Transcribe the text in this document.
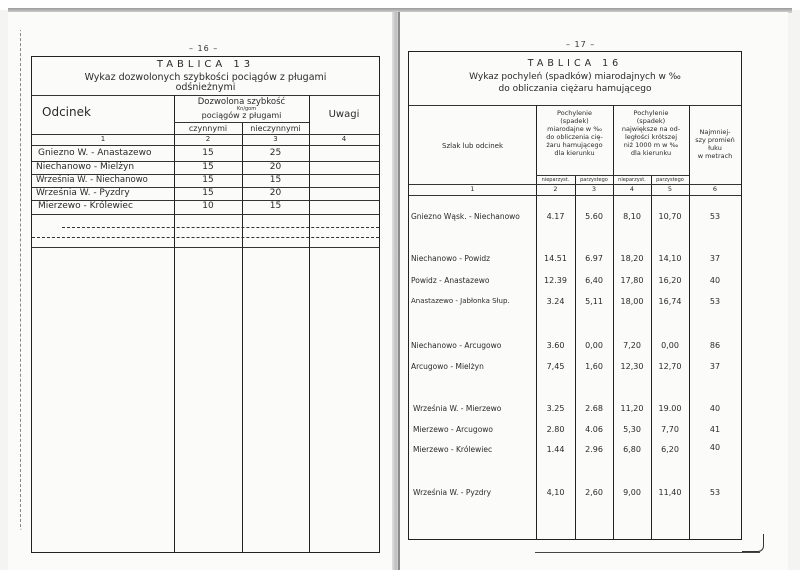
– 16 –
TABLICA 13
Wykaz dozwolonych szybkości pociągów z pługami
odśnieżnymi
Odcinek
Dozwolona szybkość
Kn/gom
pociągów z pługami
czynnymi	nieczynnymi
Uwagi
1	2	3	4
Gniezno W. - Anastazewo	15	25
Niechanowo - Mielżyn	15	20
Września W. - Niechanowo	15	15
Września W. - Pyzdry	15	20
Mierzewo - Królewiec	10	15
– 17 –
TABLICA 16
Wykaz pochyleń (spadków) miarodajnych w ‰
do obliczania ciężaru hamującego
Szlak lub odcinek
Pochylenie
(spadek)
miarodajne w ‰
do obliczenia cię-
żaru hamującego
dla kierunku
Pochylenie
(spadek)
największe na od-
ległości krótszej
niż 1000 m w ‰
dla kierunku
Najmniej-
szy promień
łuku
w metrach
nieparzyst.	parzystego	nieparzyst.	parzystego
1	2	3	4	5	6
Gniezno Wąsk. - Niechanowo	4.17	5.60	8,10	10,70	53
Niechanowo - Powidz	14.51	6.97	18,20	14,10	37
Powidz - Anastazewo	12.39	6,40	17,80	16,20	40
Anastazewo - Jabłonka Słup.	3.24	5,11	18,00	16,74	53
Niechanowo - Arcugowo	3.60	0,00	7,20	0,00	86
Arcugowo - Mielżyn	7,45	1,60	12,30	12,70	37
Września W. - Mierzewo	3.25	2.68	11,20	19.00	40
Mierzewo - Arcugowo	2.80	4.06	5,30	7,70	41
Mierzewo - Królewiec	1.44	2.96	6,80	6,20	40
Września W. - Pyzdry	4,10	2,60	9,00	11,40	53
